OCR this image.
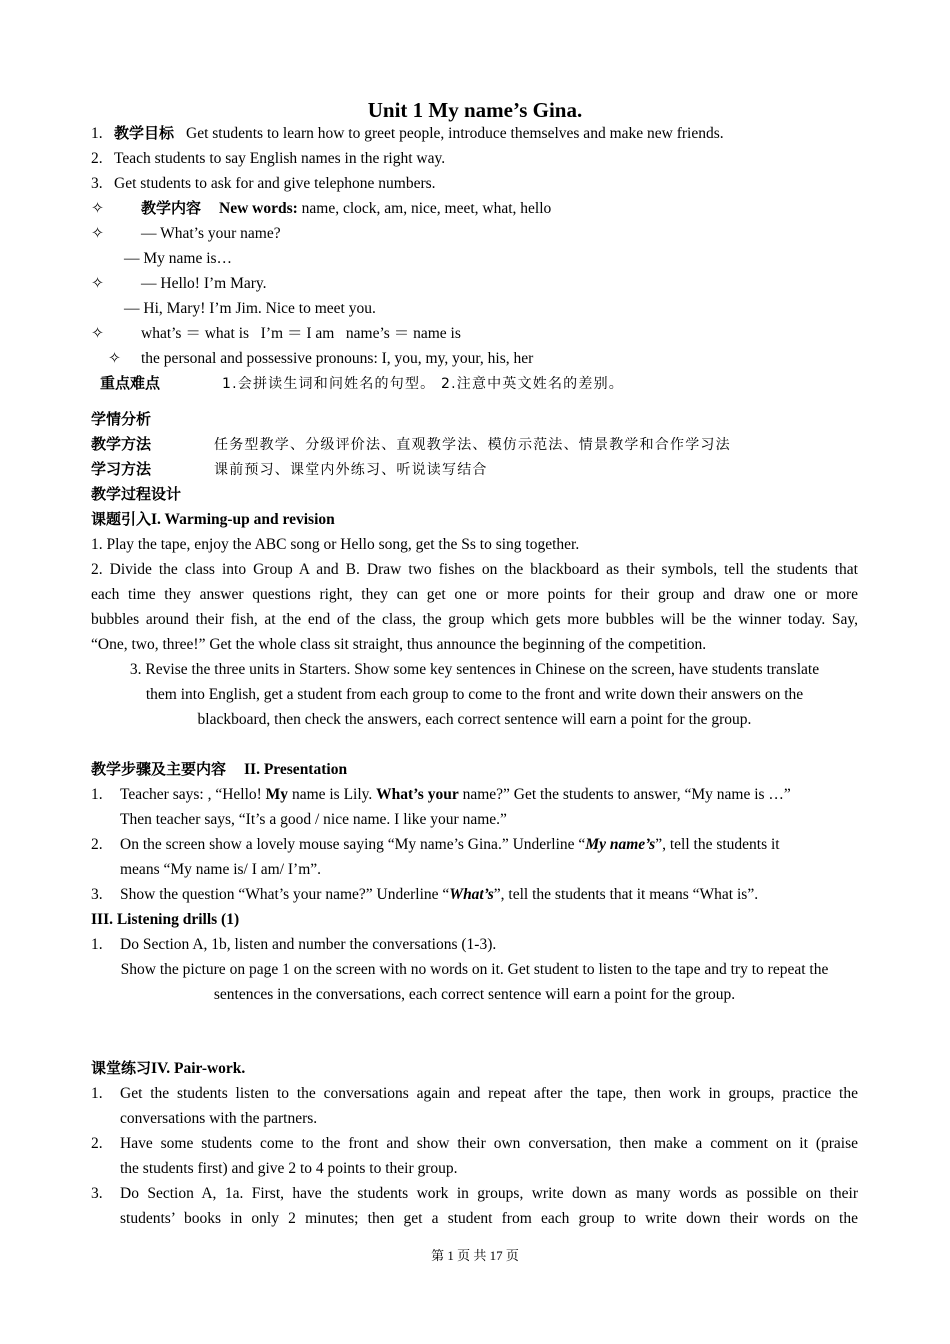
Unit 1 My name’s Gina.
1. 教学目标 Get students to learn how to greet people, introduce themselves and make new friends.
2. Teach students to say English names in the right way.
3. Get students to ask for and give telephone numbers.
✧ 教学内容 New words: name, clock, am, nice, meet, what, hello
✧ — What’s your name?
— My name is…
✧ — Hello! I’m Mary.
— Hi, Mary! I’m Jim. Nice to meet you.
✧ what’s ＝ what is   I’m ＝ I am   name’s ＝ name is
✧ the personal and possessive pronouns: I, you, my, your, his, her
重点难点	1.会拼读生词和问姓名的句型。 2.注意中英文姓名的差别。
学情分析
教学方法	任务型教学、分级评价法、直观教学法、模仿示范法、情景教学和合作学习法
学习方法	课前预习、课堂内外练习、听说读写结合
教学过程设计
课题引入I. Warming-up and revision
1. Play the tape, enjoy the ABC song or Hello song, get the Ss to sing together.
2. Divide the class into Group A and B. Draw two fishes on the blackboard as their symbols, tell the students that
each time they answer questions right, they can get one or more points for their group and draw one or more
bubbles around their fish, at the end of the class, the group which gets more bubbles will be the winner today. Say,
“One, two, three!” Get the whole class sit straight, thus announce the beginning of the competition.
3. Revise the three units in Starters. Show some key sentences in Chinese on the screen, have students translate
them into English, get a student from each group to come to the front and write down their answers on the
blackboard, then check the answers, each correct sentence will earn a point for the group.
教学步骤及主要内容 II. Presentation
1. Teacher says: , “Hello! My name is Lily. What’s your name?” Get the students to answer, “My name is …”
Then teacher says, “It’s a good / nice name. I like your name.”
2. On the screen show a lovely mouse saying “My name’s Gina.” Underline “My name’s”, tell the students it
means “My name is/ I am/ I’m”.
3. Show the question “What’s your name?” Underline “What’s”, tell the students that it means “What is”.
III. Listening drills (1)
1. Do Section A, 1b, listen and number the conversations (1-3).
Show the picture on page 1 on the screen with no words on it. Get student to listen to the tape and try to repeat the
sentences in the conversations, each correct sentence will earn a point for the group.
课堂练习IV. Pair-work.
1. Get the students listen to the conversations again and repeat after the tape, then work in groups, practice the
conversations with the partners.
2. Have some students come to the front and show their own conversation, then make a comment on it (praise
the students first) and give 2 to 4 points to their group.
3. Do Section A, 1a. First, have the students work in groups, write down as many words as possible on their
students’ books in only 2 minutes; then get a student from each group to write down their words on the
第 1 页 共 17 页
